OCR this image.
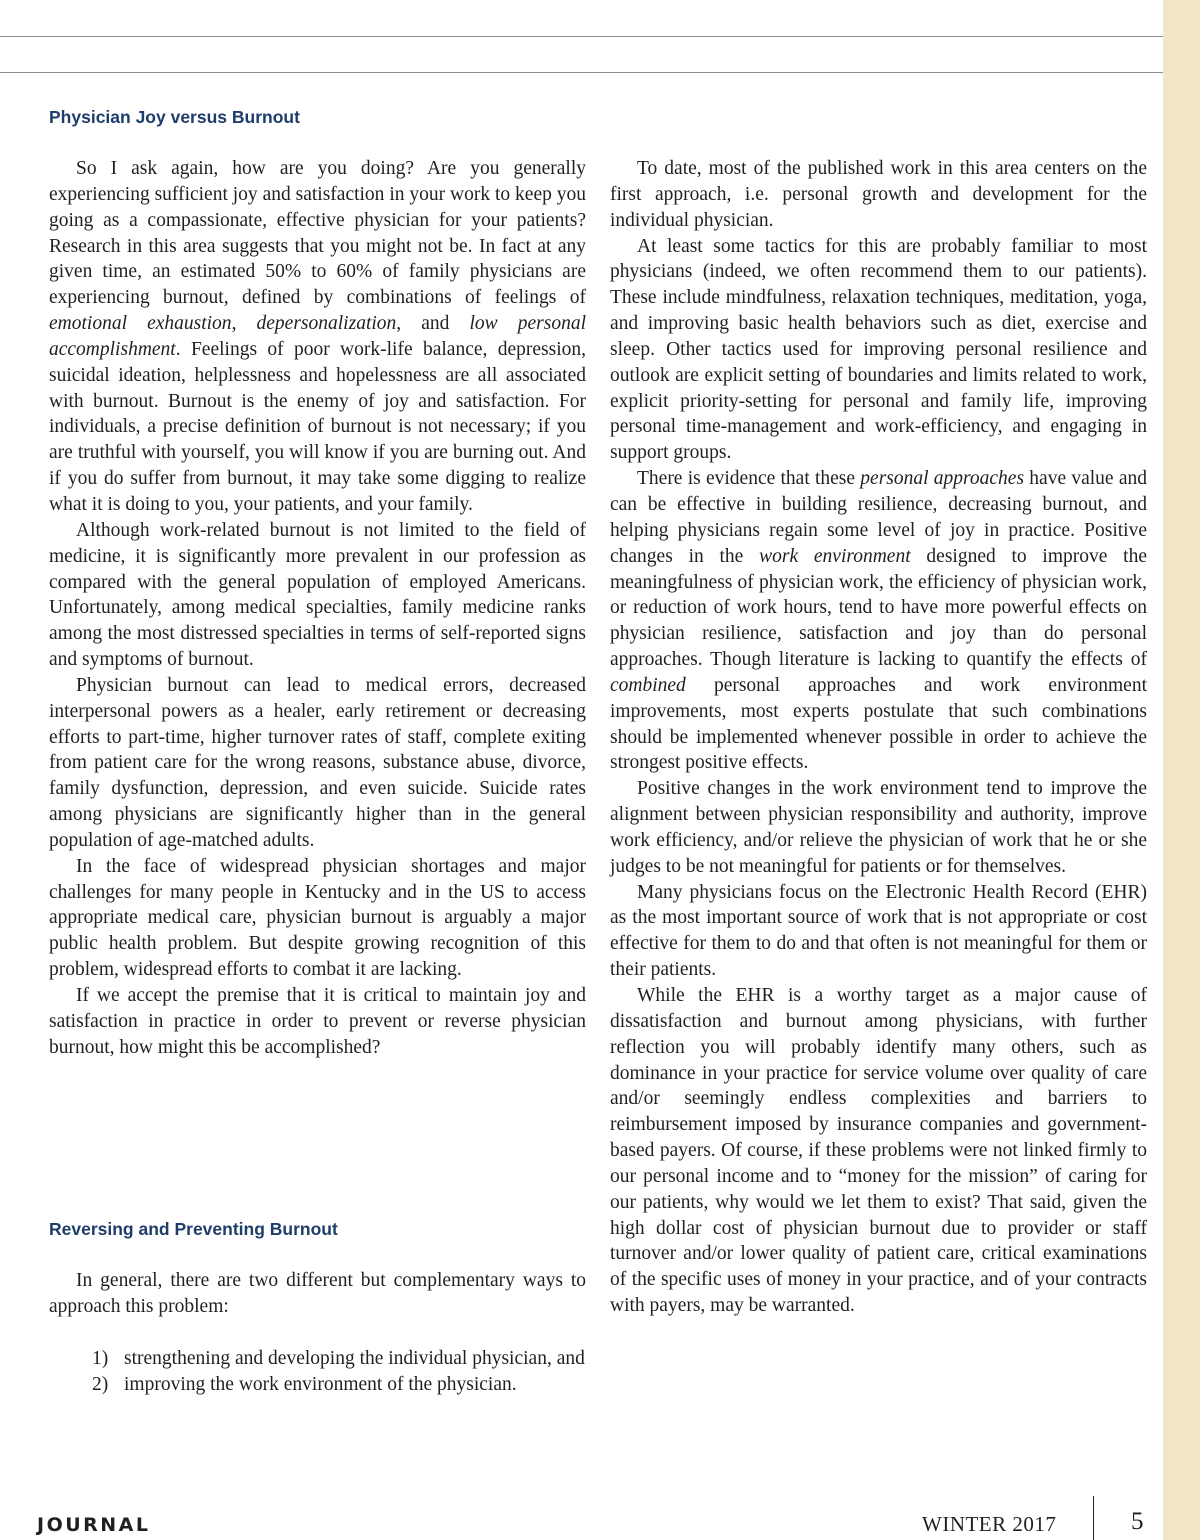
Physician Joy versus Burnout

So I ask again, how are you doing? Are you generally experiencing sufficient joy and satisfaction in your work to keep you going as a compassionate, effective physician for your patients? Research in this area suggests that you might not be. In fact at any given time, an estimated 50% to 60% of family physicians are experiencing burnout, defined by combinations of feelings of emotional exhaustion, depersonalization, and low personal accomplishment. Feelings of poor work-life balance, depression, suicidal ideation, helplessness and hopelessness are all associated with burnout. Burnout is the enemy of joy and satisfaction. For individuals, a precise definition of burnout is not necessary; if you are truthful with yourself, you will know if you are burning out. And if you do suffer from burnout, it may take some digging to realize what it is doing to you, your patients, and your family.

Although work-related burnout is not limited to the field of medicine, it is significantly more prevalent in our profession as compared with the general population of employed Americans. Unfortunately, among medical specialties, family medicine ranks among the most distressed specialties in terms of self-reported signs and symptoms of burnout.

Physician burnout can lead to medical errors, decreased interpersonal powers as a healer, early retirement or decreasing efforts to part-time, higher turnover rates of staff, complete exiting from patient care for the wrong reasons, substance abuse, divorce, family dysfunction, depression, and even suicide. Suicide rates among physicians are significantly higher than in the general population of age-matched adults.

In the face of widespread physician shortages and major challenges for many people in Kentucky and in the US to access appropriate medical care, physician burnout is arguably a major public health problem. But despite growing recognition of this problem, widespread efforts to combat it are lacking.

If we accept the premise that it is critical to maintain joy and satisfaction in practice in order to prevent or reverse physician burnout, how might this be accomplished?

Reversing and Preventing Burnout

In general, there are two different but complementary ways to approach this problem:

1) strengthening and developing the individual physician, and
2) improving the work environment of the physician.

To date, most of the published work in this area centers on the first approach, i.e. personal growth and development for the individual physician.

At least some tactics for this are probably familiar to most physicians (indeed, we often recommend them to our patients). These include mindfulness, relaxation techniques, meditation, yoga, and improving basic health behaviors such as diet, exercise and sleep. Other tactics used for improving personal resilience and outlook are explicit setting of boundaries and limits related to work, explicit priority-setting for personal and family life, improving personal time-management and work-efficiency, and engaging in support groups.

There is evidence that these personal approaches have value and can be effective in building resilience, decreasing burnout, and helping physicians regain some level of joy in practice. Positive changes in the work environment designed to improve the meaningfulness of physician work, the efficiency of physician work, or reduction of work hours, tend to have more powerful effects on physician resilience, satisfaction and joy than do personal approaches. Though literature is lacking to quantify the effects of combined personal approaches and work environment improvements, most experts postulate that such combinations should be implemented whenever possible in order to achieve the strongest positive effects.

Positive changes in the work environment tend to improve the alignment between physician responsibility and authority, improve work efficiency, and/or relieve the physician of work that he or she judges to be not meaningful for patients or for themselves.

Many physicians focus on the Electronic Health Record (EHR) as the most important source of work that is not appropriate or cost effective for them to do and that often is not meaningful for them or their patients.

While the EHR is a worthy target as a major cause of dissatisfaction and burnout among physicians, with further reflection you will probably identify many others, such as dominance in your practice for service volume over quality of care and/or seemingly endless complexities and barriers to reimbursement imposed by insurance companies and government-based payers. Of course, if these problems were not linked firmly to our personal income and to “money for the mission” of caring for our patients, why would we let them to exist? That said, given the high dollar cost of physician burnout due to provider or staff turnover and/or lower quality of patient care, critical examinations of the specific uses of money in your practice, and of your contracts with payers, may be warranted.

JOURNAL	WINTER 2017	5
